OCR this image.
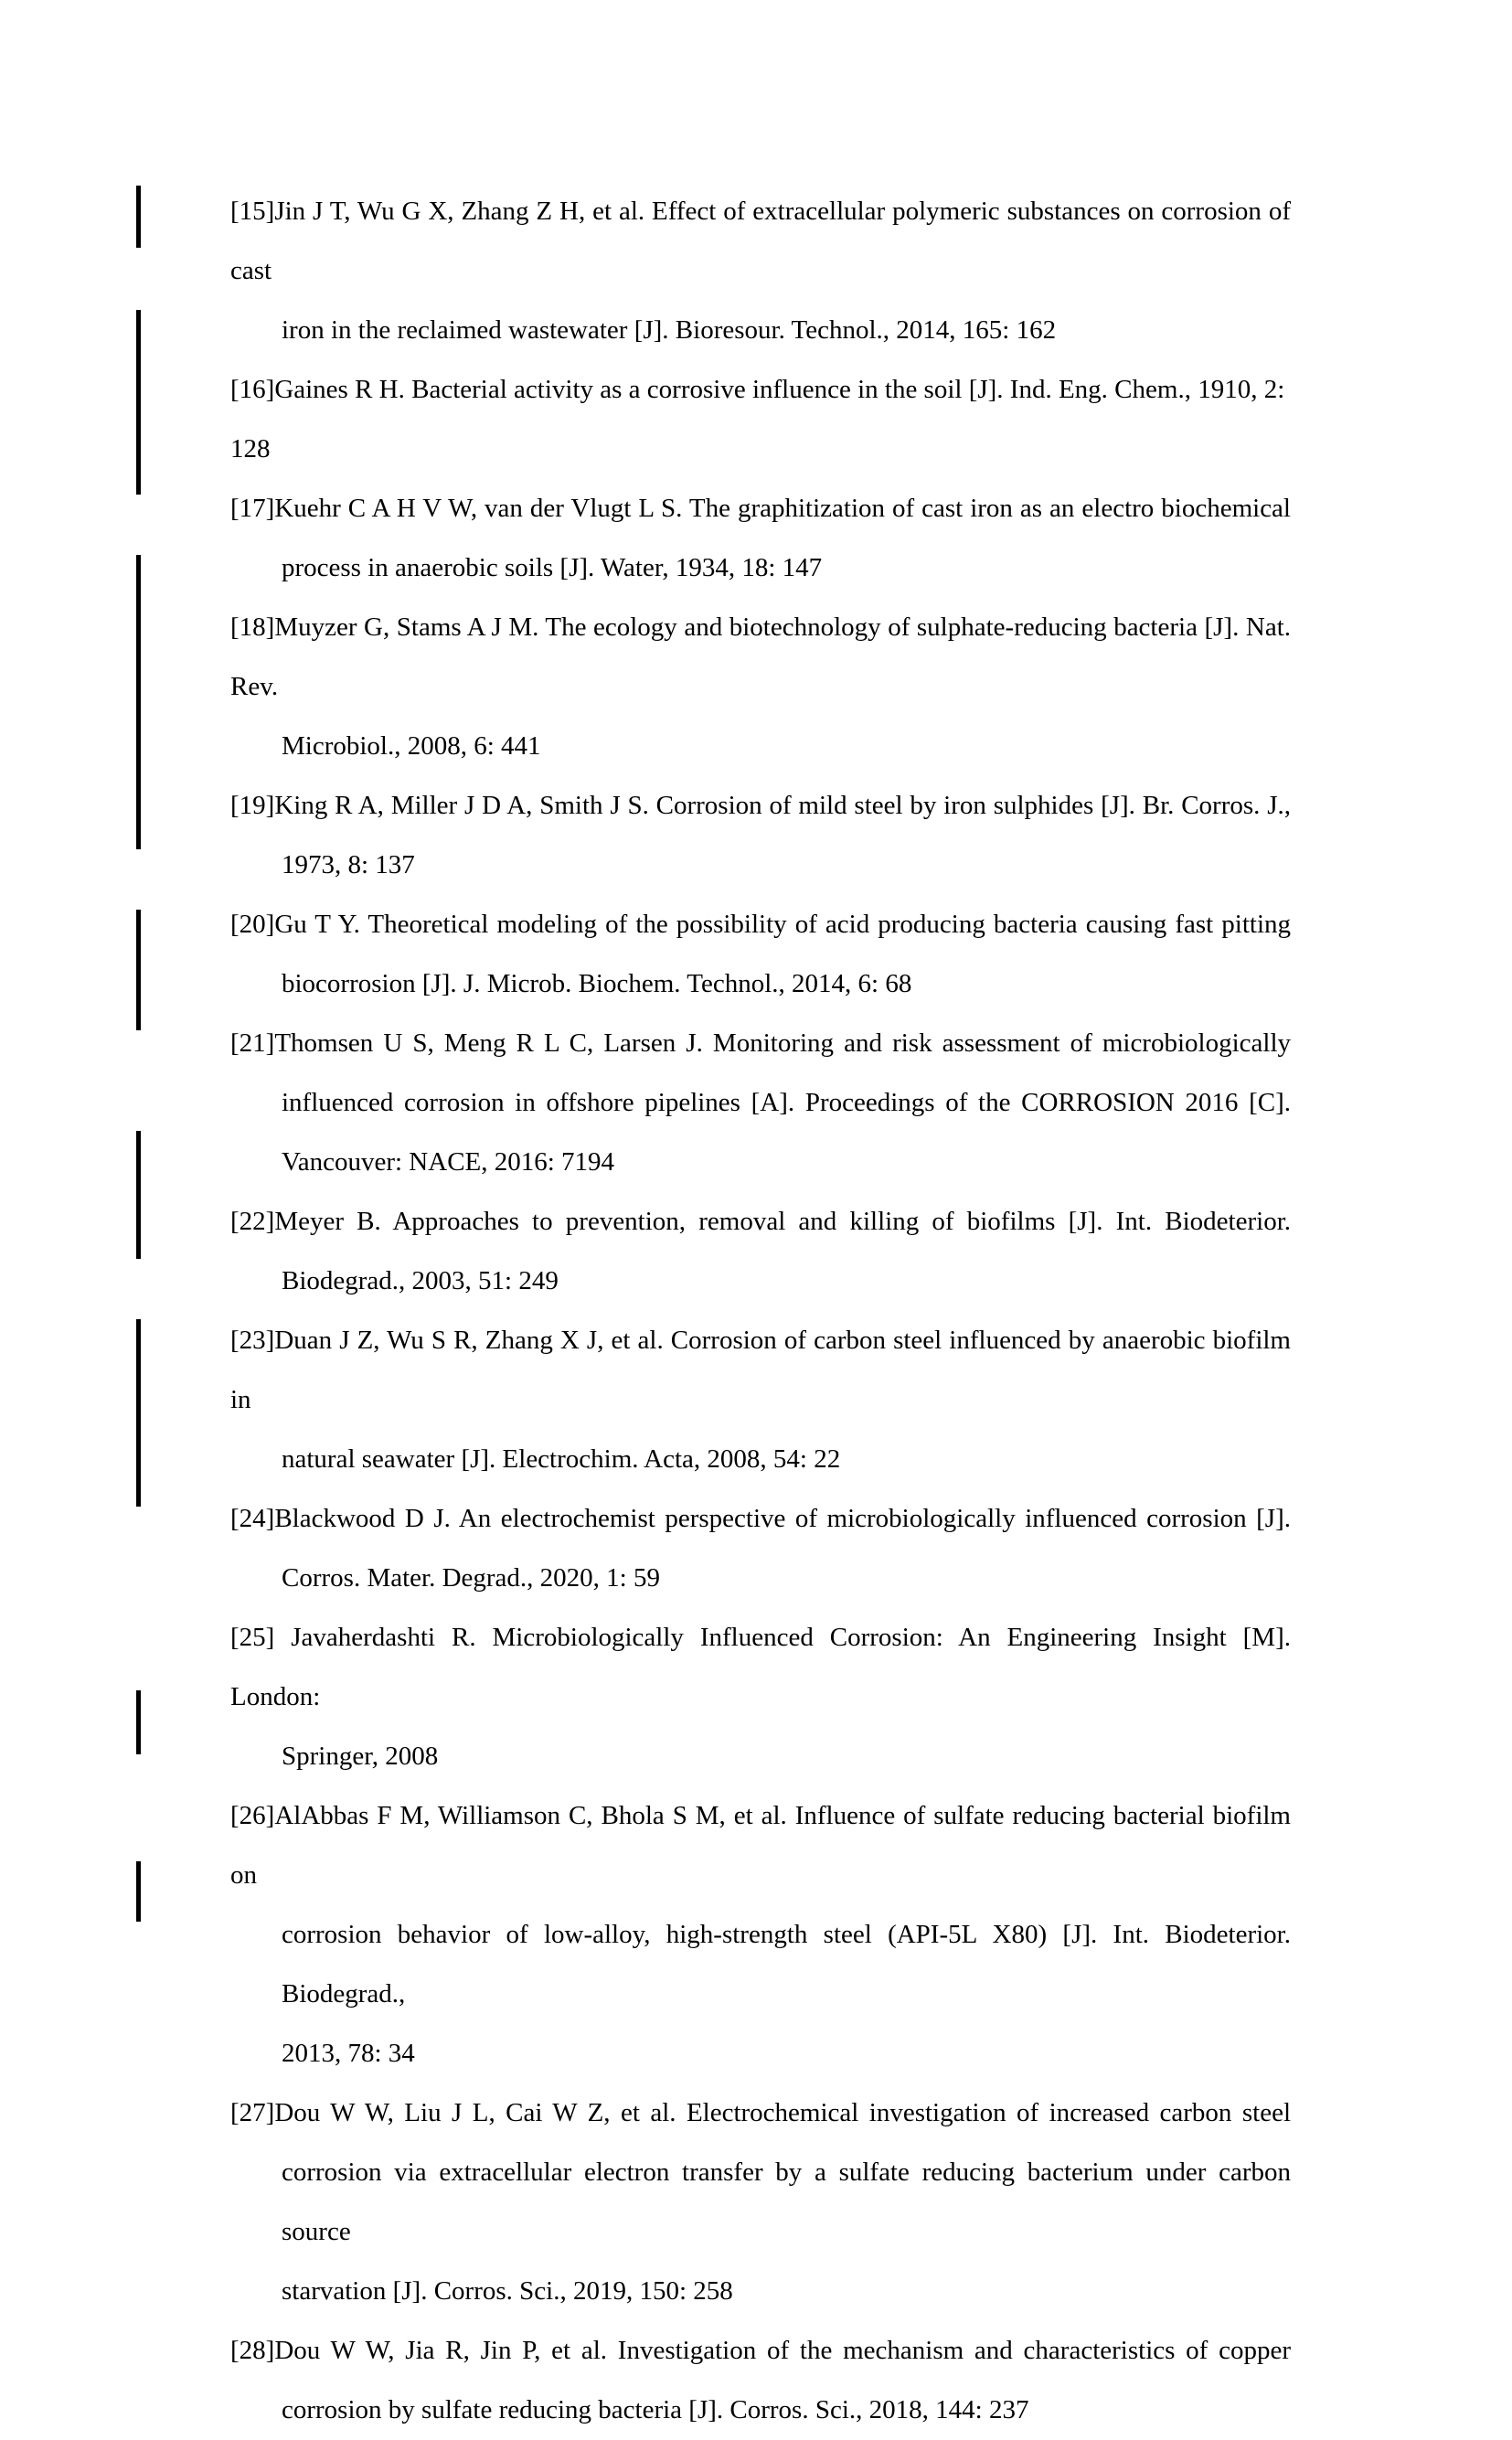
[15]Jin J T, Wu G X, Zhang Z H, et al. Effect of extracellular polymeric substances on corrosion of cast
iron in the reclaimed wastewater [J]. Bioresour. Technol., 2014, 165: 162
[16]Gaines R H. Bacterial activity as a corrosive influence in the soil [J]. Ind. Eng. Chem., 1910, 2: 128
[17]Kuehr C A H V W, van der Vlugt L S. The graphitization of cast iron as an electro biochemical
process in anaerobic soils [J]. Water, 1934, 18: 147
[18]Muyzer G, Stams A J M. The ecology and biotechnology of sulphate-reducing bacteria [J]. Nat. Rev.
Microbiol., 2008, 6: 441
[19]King R A, Miller J D A, Smith J S. Corrosion of mild steel by iron sulphides [J]. Br. Corros. J.,
1973, 8: 137
[20]Gu T Y. Theoretical modeling of the possibility of acid producing bacteria causing fast pitting
biocorrosion [J]. J. Microb. Biochem. Technol., 2014, 6: 68
[21]Thomsen U S, Meng R L C, Larsen J. Monitoring and risk assessment of microbiologically
influenced corrosion in offshore pipelines [A]. Proceedings of the CORROSION 2016 [C].
Vancouver: NACE, 2016: 7194
[22]Meyer B. Approaches to prevention, removal and killing of biofilms [J]. Int. Biodeterior.
Biodegrad., 2003, 51: 249
[23]Duan J Z, Wu S R, Zhang X J, et al. Corrosion of carbon steel influenced by anaerobic biofilm in
natural seawater [J]. Electrochim. Acta, 2008, 54: 22
[24]Blackwood D J. An electrochemist perspective of microbiologically influenced corrosion [J].
Corros. Mater. Degrad., 2020, 1: 59
[25] Javaherdashti R. Microbiologically Influenced Corrosion: An Engineering Insight [M]. London:
Springer, 2008
[26]AlAbbas F M, Williamson C, Bhola S M, et al. Influence of sulfate reducing bacterial biofilm on
corrosion behavior of low-alloy, high-strength steel (API-5L X80) [J]. Int. Biodeterior. Biodegrad.,
2013, 78: 34
[27]Dou W W, Liu J L, Cai W Z, et al. Electrochemical investigation of increased carbon steel
corrosion via extracellular electron transfer by a sulfate reducing bacterium under carbon source
starvation [J]. Corros. Sci., 2019, 150: 258
[28]Dou W W, Jia R, Jin P, et al. Investigation of the mechanism and characteristics of copper
corrosion by sulfate reducing bacteria [J]. Corros. Sci., 2018, 144: 237
